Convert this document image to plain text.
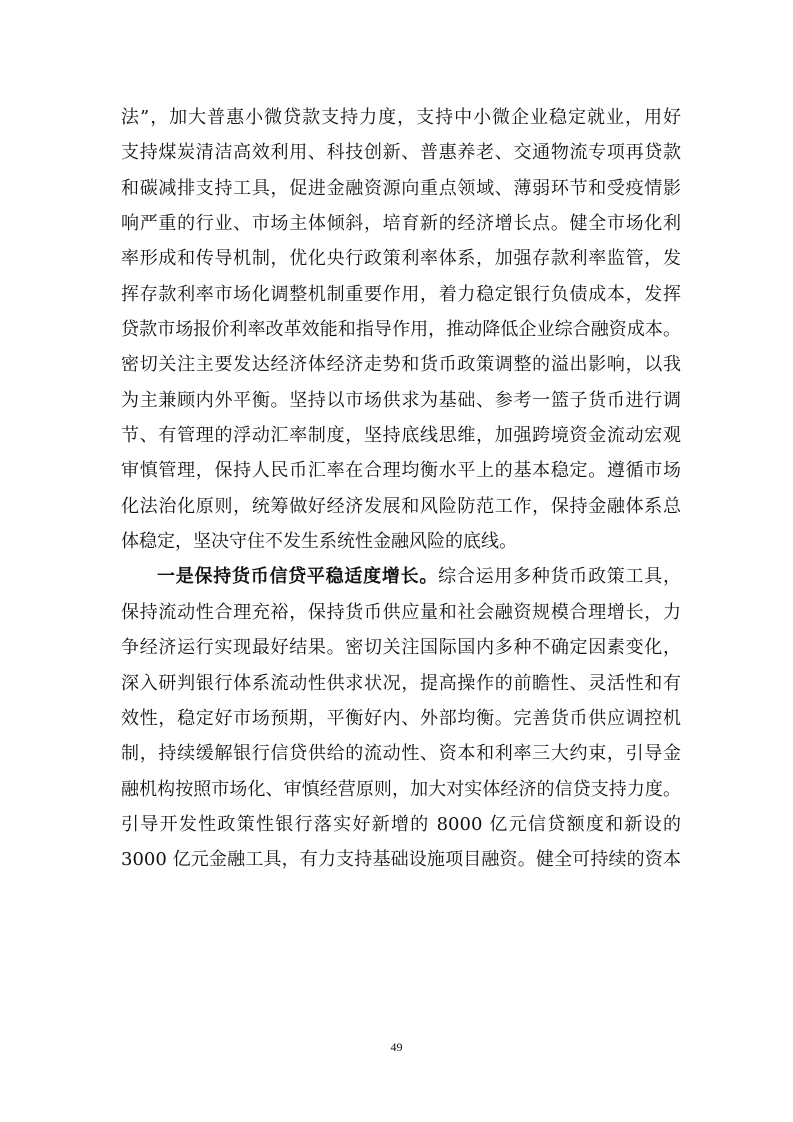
法”，加大普惠小微贷款支持力度，支持中小微企业稳定就业，用好
支持煤炭清洁高效利用、科技创新、普惠养老、交通物流专项再贷款
和碳减排支持工具，促进金融资源向重点领域、薄弱环节和受疫情影
响严重的行业、市场主体倾斜，培育新的经济增长点。健全市场化利
率形成和传导机制，优化央行政策利率体系，加强存款利率监管，发
挥存款利率市场化调整机制重要作用，着力稳定银行负债成本，发挥
贷款市场报价利率改革效能和指导作用，推动降低企业综合融资成本。
密切关注主要发达经济体经济走势和货币政策调整的溢出影响，以我
为主兼顾内外平衡。坚持以市场供求为基础、参考一篮子货币进行调
节、有管理的浮动汇率制度，坚持底线思维，加强跨境资金流动宏观
审慎管理，保持人民币汇率在合理均衡水平上的基本稳定。遵循市场
化法治化原则，统筹做好经济发展和风险防范工作，保持金融体系总
体稳定，坚决守住不发生系统性金融风险的底线。
一是保持货币信贷平稳适度增长。综合运用多种货币政策工具，
保持流动性合理充裕，保持货币供应量和社会融资规模合理增长，力
争经济运行实现最好结果。密切关注国际国内多种不确定因素变化，
深入研判银行体系流动性供求状况，提高操作的前瞻性、灵活性和有
效性，稳定好市场预期，平衡好内、外部均衡。完善货币供应调控机
制，持续缓解银行信贷供给的流动性、资本和利率三大约束，引导金
融机构按照市场化、审慎经营原则，加大对实体经济的信贷支持力度。
引导开发性政策性银行落实好新增的 8000 亿元信贷额度和新设的
3000 亿元金融工具，有力支持基础设施项目融资。健全可持续的资本
49
